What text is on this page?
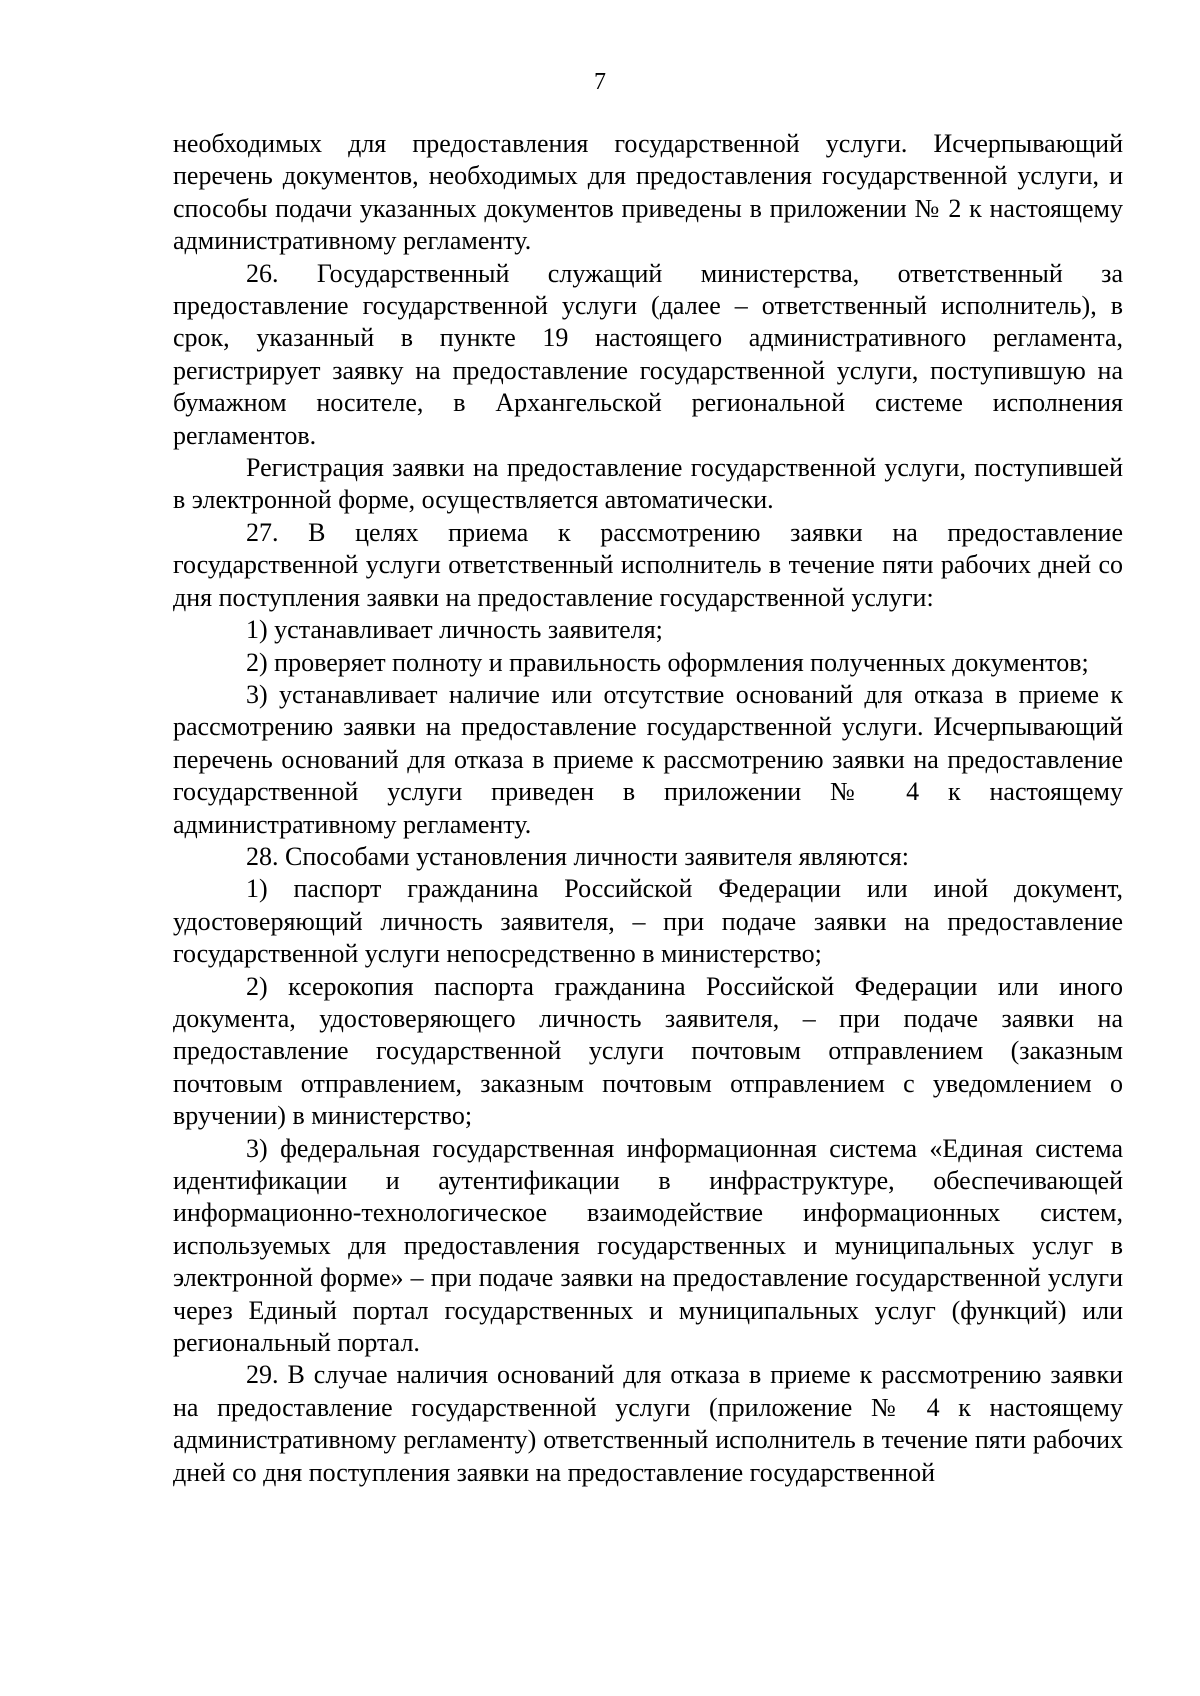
7

необходимых для предоставления государственной услуги. Исчерпывающий перечень документов, необходимых для предоставления государственной услуги, и способы подачи указанных документов приведены в приложении № 2 к настоящему административному регламенту.

26. Государственный служащий министерства, ответственный за предоставление государственной услуги (далее – ответственный исполнитель), в срок, указанный в пункте 19 настоящего административного регламента, регистрирует заявку на предоставление государственной услуги, поступившую на бумажном носителе, в Архангельской региональной системе исполнения регламентов.

Регистрация заявки на предоставление государственной услуги, поступившей в электронной форме, осуществляется автоматически.

27. В целях приема к рассмотрению заявки на предоставление государственной услуги ответственный исполнитель в течение пяти рабочих дней со дня поступления заявки на предоставление государственной услуги:

1) устанавливает личность заявителя;

2) проверяет полноту и правильность оформления полученных документов;

3) устанавливает наличие или отсутствие оснований для отказа в приеме к рассмотрению заявки на предоставление государственной услуги. Исчерпывающий перечень оснований для отказа в приеме к рассмотрению заявки на предоставление государственной услуги приведен в приложении № 4 к настоящему административному регламенту.

28. Способами установления личности заявителя являются:

1) паспорт гражданина Российской Федерации или иной документ, удостоверяющий личность заявителя, – при подаче заявки на предоставление государственной услуги непосредственно в министерство;

2) ксерокопия паспорта гражданина Российской Федерации или иного документа, удостоверяющего личность заявителя, – при подаче заявки на предоставление государственной услуги почтовым отправлением (заказным почтовым отправлением, заказным почтовым отправлением с уведомлением о вручении) в министерство;

3) федеральная государственная информационная система «Единая система идентификации и аутентификации в инфраструктуре, обеспечивающей информационно-технологическое взаимодействие информационных систем, используемых для предоставления государственных и муниципальных услуг в электронной форме» – при подаче заявки на предоставление государственной услуги через Единый портал государственных и муниципальных услуг (функций) или региональный портал.

29. В случае наличия оснований для отказа в приеме к рассмотрению заявки на предоставление государственной услуги (приложение № 4 к настоящему административному регламенту) ответственный исполнитель в течение пяти рабочих дней со дня поступления заявки на предоставление государственной
